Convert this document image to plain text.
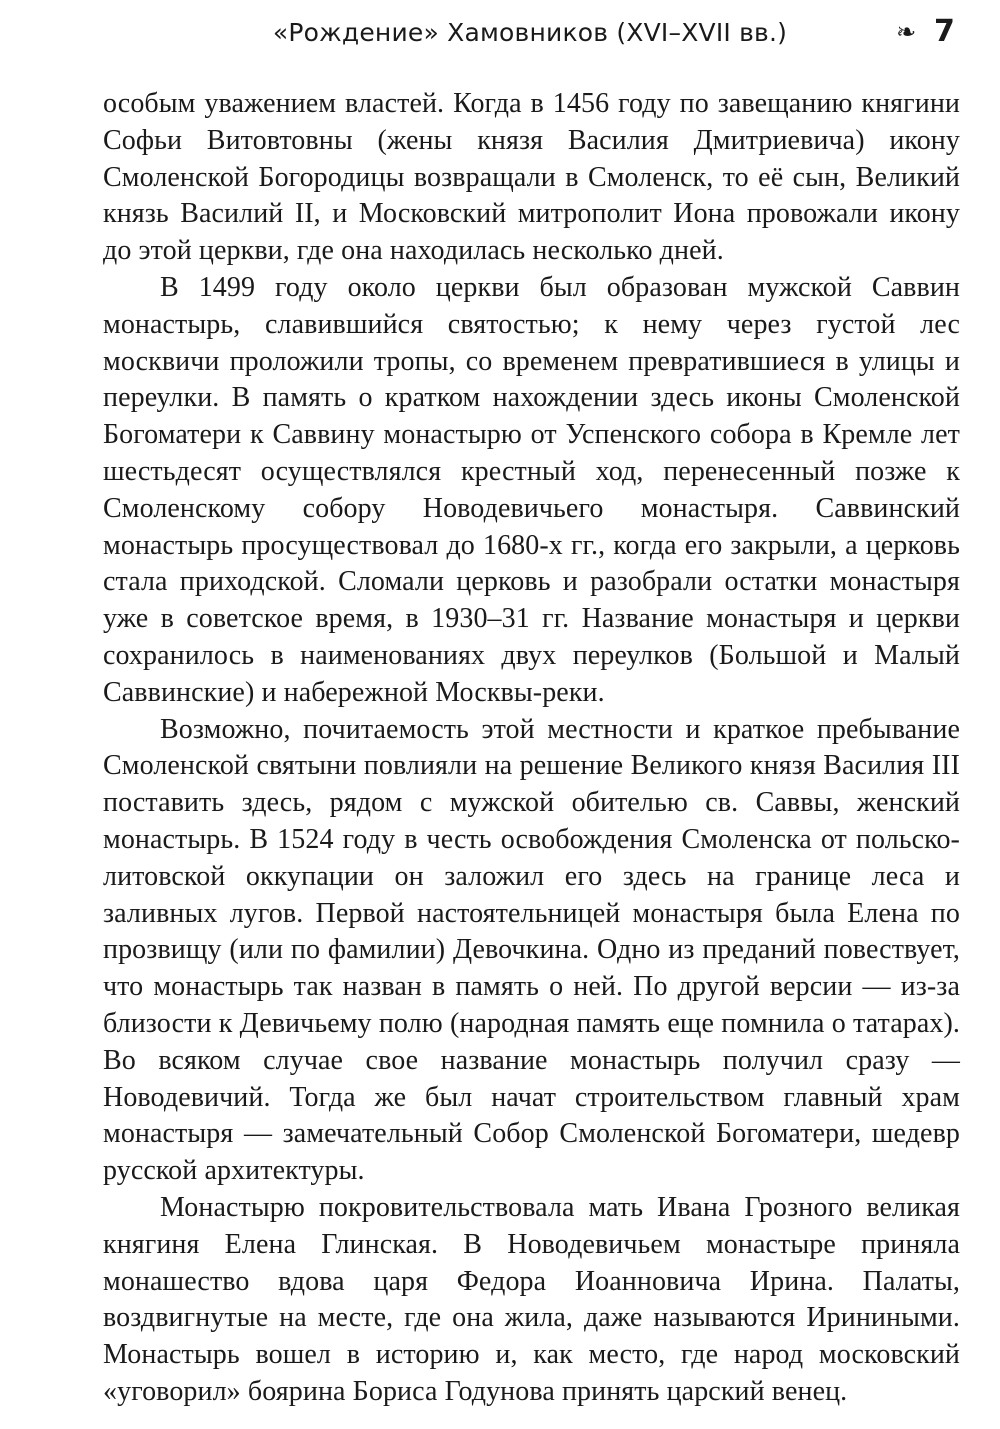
«Рождение» Хамовников (XVI–XVII вв.)	❧ 7

особым уважением властей. Когда в 1456 году по завещанию княгини Софьи Витовтовны (жены князя Василия Дмитриевича) икону Смоленской Богородицы возвращали в Смоленск, то её сын, Великий князь Василий II, и Московский митрополит Иона провожали икону до этой церкви, где она находилась несколько дней.

В 1499 году около церкви был образован мужской Саввин монастырь, славившийся святостью; к нему через густой лес москвичи проложили тропы, со временем превратившиеся в улицы и переулки. В память о кратком нахождении здесь иконы Смоленской Богоматери к Саввину монастырю от Успенского собора в Кремле лет шестьдесят осуществлялся крестный ход, перенесенный позже к Смоленскому собору Новодевичьего монастыря. Саввинский монастырь просуществовал до 1680-х гг., когда его закрыли, а церковь стала приходской. Сломали церковь и разобрали остатки монастыря уже в советское время, в 1930–31 гг. Название монастыря и церкви сохранилось в наименованиях двух переулков (Большой и Малый Саввинские) и набережной Москвы-реки.

Возможно, почитаемость этой местности и краткое пребывание Смоленской святыни повлияли на решение Великого князя Василия III поставить здесь, рядом с мужской обителью св. Саввы, женский монастырь. В 1524 году в честь освобождения Смоленска от польско-литовской оккупации он заложил его здесь на границе леса и заливных лугов. Первой настоятельницей монастыря была Елена по прозвищу (или по фамилии) Девочкина. Одно из преданий повествует, что монастырь так назван в память о ней. По другой версии — из-за близости к Девичьему полю (народная память еще помнила о татарах). Во всяком случае свое название монастырь получил сразу — Новодевичий. Тогда же был начат строительством главный храм монастыря — замечательный Собор Смоленской Богоматери, шедевр русской архитектуры.

Монастырю покровительствовала мать Ивана Грозного великая княгиня Елена Глинская. В Новодевичьем монастыре приняла монашество вдова царя Федора Иоанновича Ирина. Палаты, воздвигнутые на месте, где она жила, даже называются Ириниными. Монастырь вошел в историю и, как место, где народ московский «уговорил» боярина Бориса Годунова принять царский венец.
